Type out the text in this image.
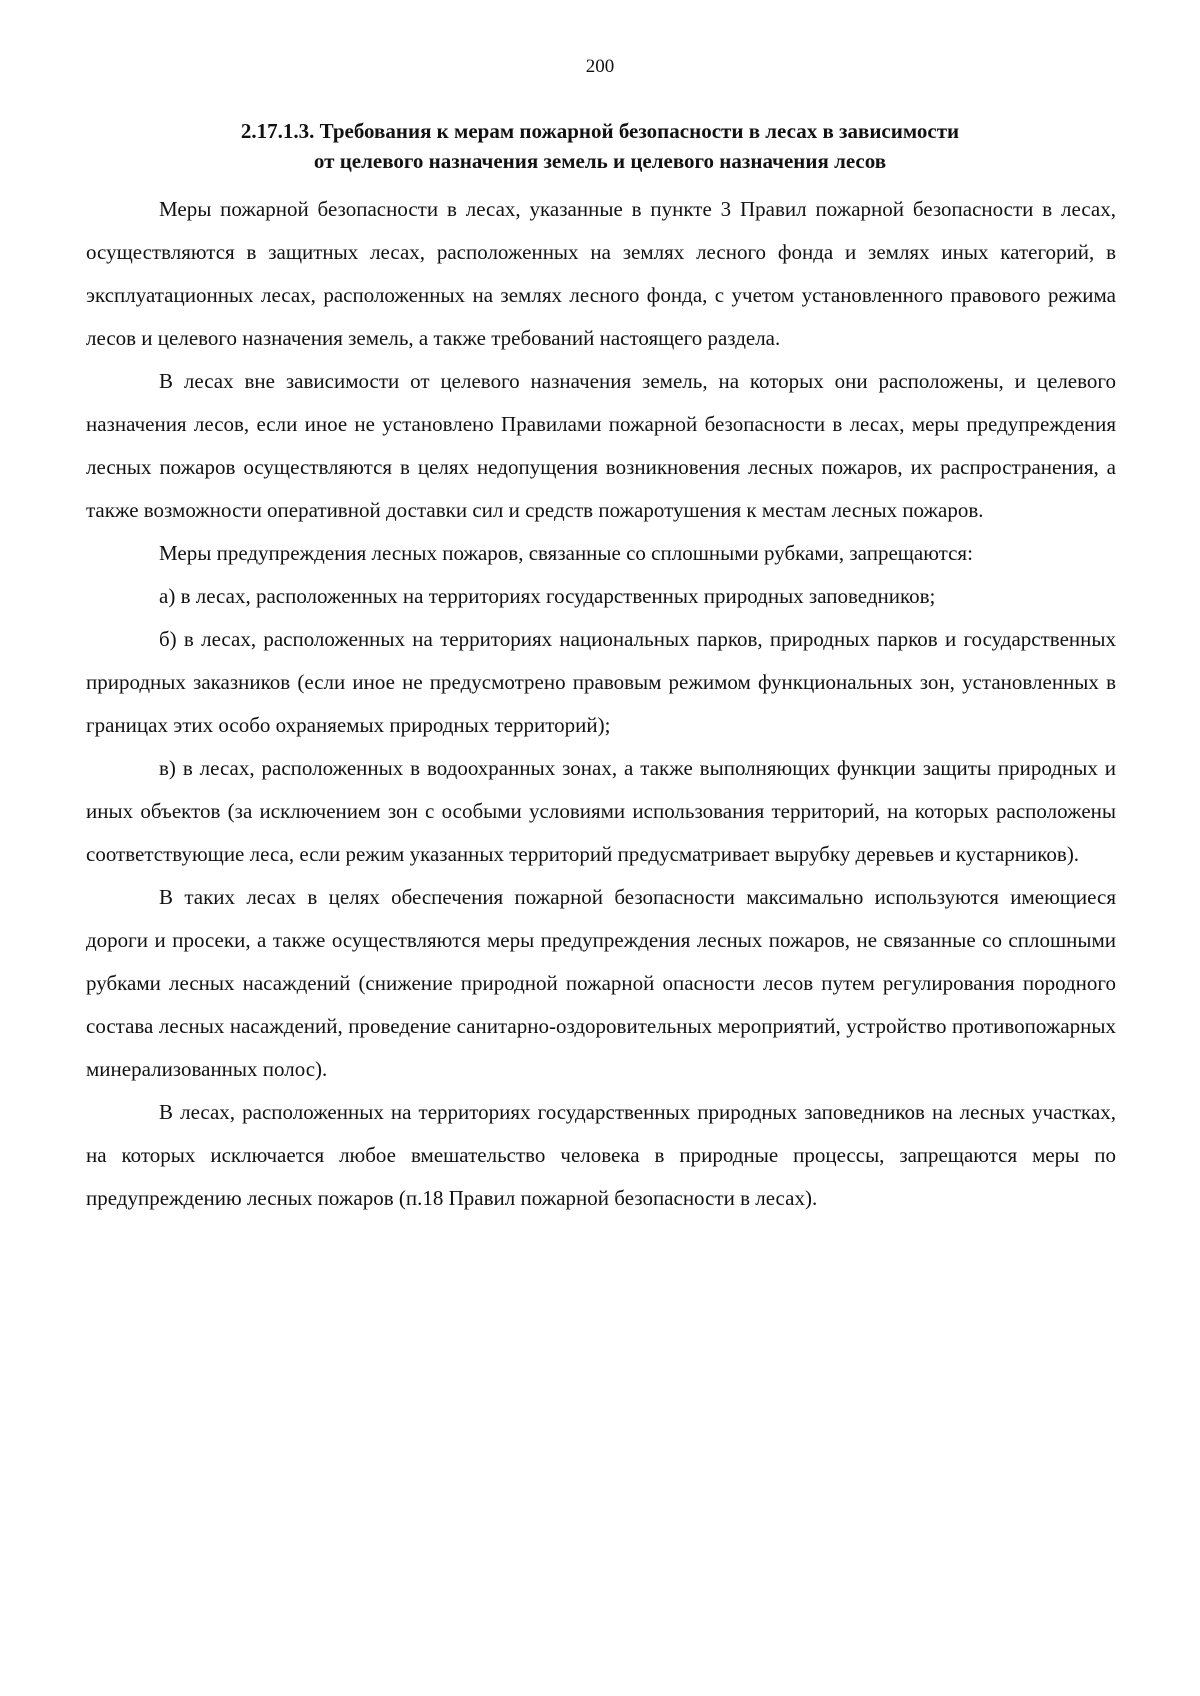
200
2.17.1.3. Требования к мерам пожарной безопасности в лесах в зависимости
от целевого назначения земель и целевого назначения лесов

Меры пожарной безопасности в лесах, указанные в пункте 3 Правил пожарной безопасности в лесах, осуществляются в защитных лесах, расположенных на землях лесного фонда и землях иных категорий, в эксплуатационных лесах, расположенных на землях лесного фонда, с учетом установленного правового режима лесов и целевого назначения земель, а также требований настоящего раздела.

В лесах вне зависимости от целевого назначения земель, на которых они расположены, и целевого назначения лесов, если иное не установлено Правилами пожарной безопасности в лесах, меры предупреждения лесных пожаров осуществляются в целях недопущения возникновения лесных пожаров, их распространения, а также возможности оперативной доставки сил и средств пожаротушения к местам лесных пожаров.

Меры предупреждения лесных пожаров, связанные со сплошными рубками, запрещаются:

а) в лесах, расположенных на территориях государственных природных заповедников;

б) в лесах, расположенных на территориях национальных парков, природных парков и государственных природных заказников (если иное не предусмотрено правовым режимом функциональных зон, установленных в границах этих особо охраняемых природных территорий);

в) в лесах, расположенных в водоохранных зонах, а также выполняющих функции защиты природных и иных объектов (за исключением зон с особыми условиями использования территорий, на которых расположены соответствующие леса, если режим указанных территорий предусматривает вырубку деревьев и кустарников).

В таких лесах в целях обеспечения пожарной безопасности максимально используются имеющиеся дороги и просеки, а также осуществляются меры предупреждения лесных пожаров, не связанные со сплошными рубками лесных насаждений (снижение природной пожарной опасности лесов путем регулирования породного состава лесных насаждений, проведение санитарно-оздоровительных мероприятий, устройство противопожарных минерализованных полос).

В лесах, расположенных на территориях государственных природных заповедников на лесных участках, на которых исключается любое вмешательство человека в природные процессы, запрещаются меры по предупреждению лесных пожаров (п.18 Правил пожарной безопасности в лесах).
